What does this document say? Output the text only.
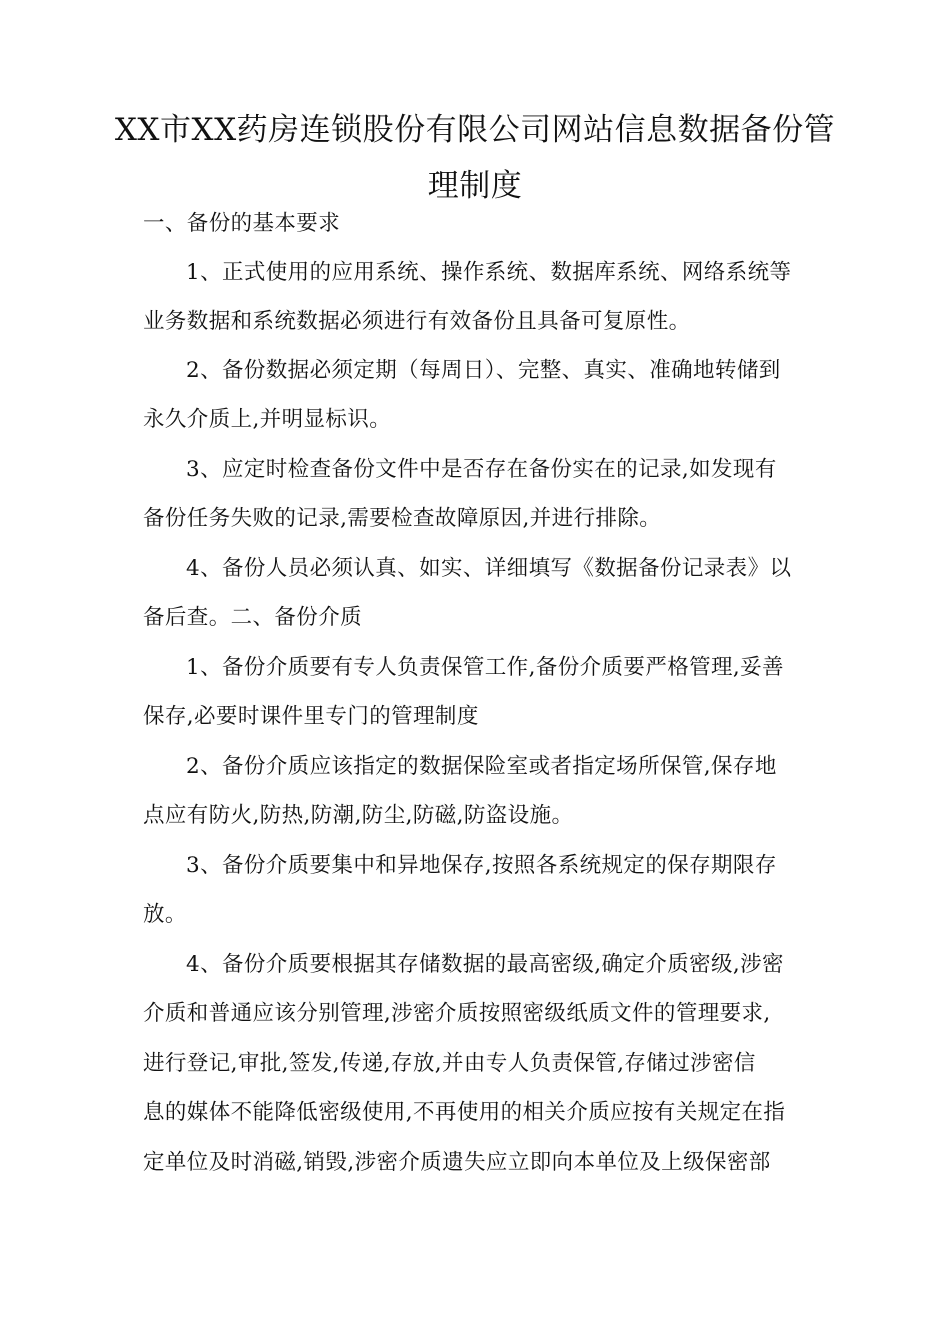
XX市XX药房连锁股份有限公司网站信息数据备份管
理制度
一、备份的基本要求
1、正式使用的应用系统、操作系统、数据库系统、网络系统等
业务数据和系统数据必须进行有效备份且具备可复原性。
2、备份数据必须定期（每周日）、完整、真实、准确地转储到
永久介质上,并明显标识。
3、应定时检查备份文件中是否存在备份实在的记录,如发现有
备份任务失败的记录,需要检查故障原因,并进行排除。
4、备份人员必须认真、如实、详细填写《数据备份记录表》以
备后查。二、备份介质
1、备份介质要有专人负责保管工作,备份介质要严格管理,妥善
保存,必要时课件里专门的管理制度
2、备份介质应该指定的数据保险室或者指定场所保管,保存地
点应有防火,防热,防潮,防尘,防磁,防盗设施。
3、备份介质要集中和异地保存,按照各系统规定的保存期限存
放。
4、备份介质要根据其存储数据的最高密级,确定介质密级,涉密
介质和普通应该分别管理,涉密介质按照密级纸质文件的管理要求,
进行登记,审批,签发,传递,存放,并由专人负责保管,存储过涉密信
息的媒体不能降低密级使用,不再使用的相关介质应按有关规定在指
定单位及时消磁,销毁,涉密介质遗失应立即向本单位及上级保密部
